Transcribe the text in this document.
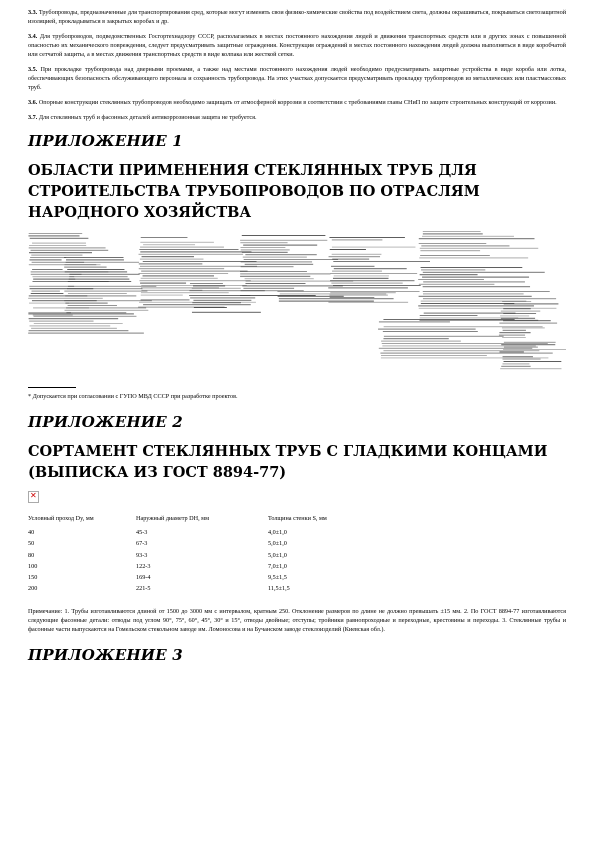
3.3. Трубопроводы, предназначенные для транспортирования сред, которые могут изменять свои физико-химические свойства под воздействием света, должны окрашиваться, покрываться светозащитной изоляцией, прокладываться в закрытых коробах и др.

3.4. Для трубопроводов, подведомственных Госгортехнадзору СССР, располагаемых в местах постоянного нахождения людей и движения транспортных средств или в других зонах с повышенной опасностью их механического повреждения, следует предусматривать защитные ограждения. Конструкция ограждений в местах постоянного нахождения людей должна выполняться в виде коробчатой или сетчатой защиты, а в местах движения транспортных средств в виде колпака или жесткой сетки.

3.5. При прокладке трубопровода над дверными проемами, а также над местами постоянного нахождения людей необходимо предусматривать защитные устройства в виде короба или лотка, обеспечивающих безопасность обслуживающего персонала и сохранность трубопровода. На этих участках допускается предусматривать прокладку трубопроводов из металлических или пластмассовых труб.

3.6. Опорные конструкции стеклянных трубопроводов необходимо защищать от атмосферной коррозии в соответствии с требованиями главы СНиП по защите строительных конструкций от коррозии.

3.7. Для стеклянных труб и фасонных деталей антикоррозионная защита не требуется.

ПРИЛОЖЕНИЕ 1
ОБЛАСТИ ПРИМЕНЕНИЯ СТЕКЛЯННЫХ ТРУБ ДЛЯ
СТРОИТЕЛЬСТВА ТРУБОПРОВОДОВ ПО ОТРАСЛЯМ
НАРОДНОГО ХОЗЯЙСТВА
* Допускается при согласовании с ГУПО МВД СССР при разработке проектов.
ПРИЛОЖЕНИЕ 2
СОРТАМЕНТ СТЕКЛЯННЫХ ТРУБ С ГЛАДКИМИ КОНЦАМИ
(ВЫПИСКА ИЗ ГОСТ 8894-77)
✕
Условный проход Dy, мм	Наружный диаметр DН, мм	Толщина стенки S, мм
40	45-3	4,0±1,0
50	67-3	5,0±1,0
80	93-3	5,0±1,0
100	122-3	7,0±1,0
150	169-4	9,5±1,5
200	221-5	11,5±1,5

Примечание: 1. Трубы изготавливаются длиной от 1500 до 3000 мм с интервалом, кратным 250. Отклонение размеров по длине не должно превышать ±15 мм. 2. По ГОСТ 8894-77 изготавливаются следующие фасонные детали: отводы под углом 90°, 75°, 60°, 45°, 30° и 15°, отводы двойные; отступы; тройники равнопроходные и переходные, крестовины и переходы. 3. Стеклянные трубы и фасонные части выпускаются на Гомельском стекольном заводе им. Ломоносова и на Бучанском заводе стеклоизделий (Киевская обл.).

ПРИЛОЖЕНИЕ 3
